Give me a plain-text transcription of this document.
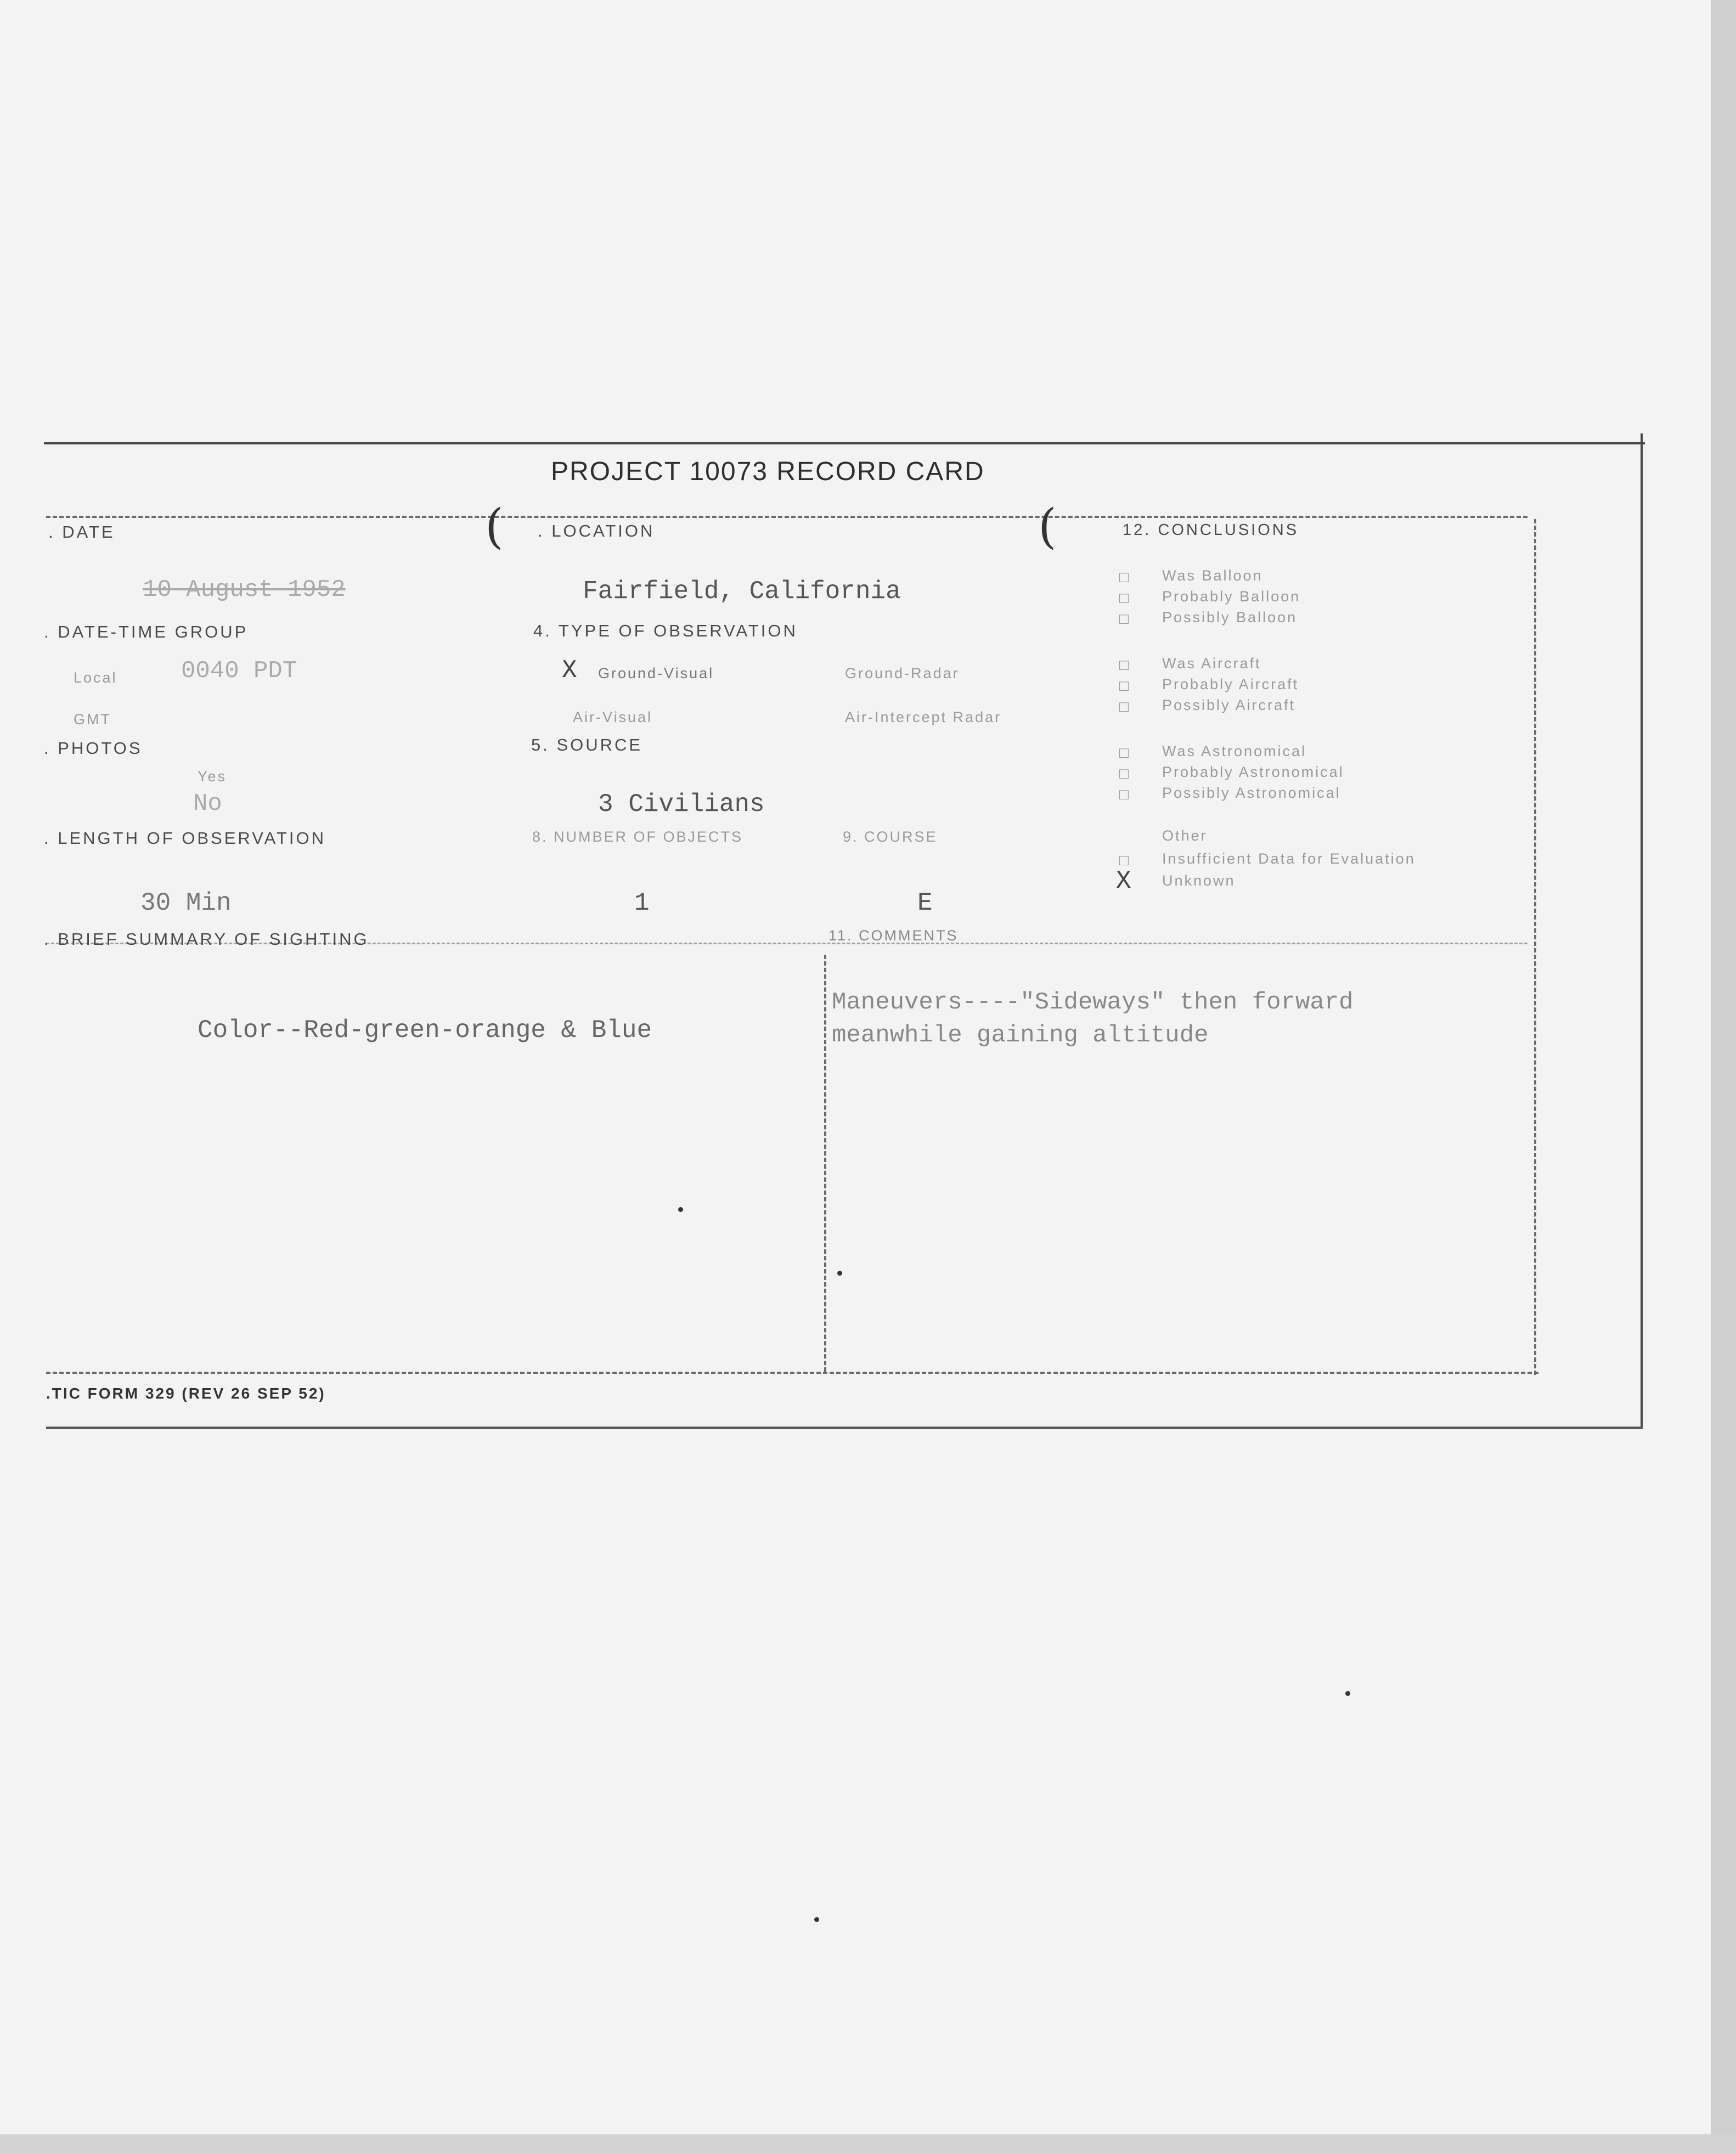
PROJECT 10073 RECORD CARD
(	(
. DATE
10 August 1952
. LOCATION
Fairfield, California
. DATE-TIME GROUP
Local	0040 PDT
GMT
4. TYPE OF OBSERVATION
X Ground-Visual	Ground-Radar
Air-Visual	Air-Intercept Radar
. PHOTOS
Yes
No
5. SOURCE
3 Civilians
. LENGTH OF OBSERVATION
30 Min
8. NUMBER OF OBJECTS
1
9. COURSE
E
. BRIEF SUMMARY OF SIGHTING
Color--Red-green-orange & Blue
11. COMMENTS
Maneuvers----"Sideways" then forward
meanwhile gaining altitude
12. CONCLUSIONS
□ Was Balloon
□ Probably Balloon
□ Possibly Balloon
□ Was Aircraft
□ Probably Aircraft
□ Possibly Aircraft
□ Was Astronomical
□ Probably Astronomical
□ Possibly Astronomical
Other
□ Insufficient Data for Evaluation
X Unknown
.TIC FORM 329 (REV 26 SEP 52)
